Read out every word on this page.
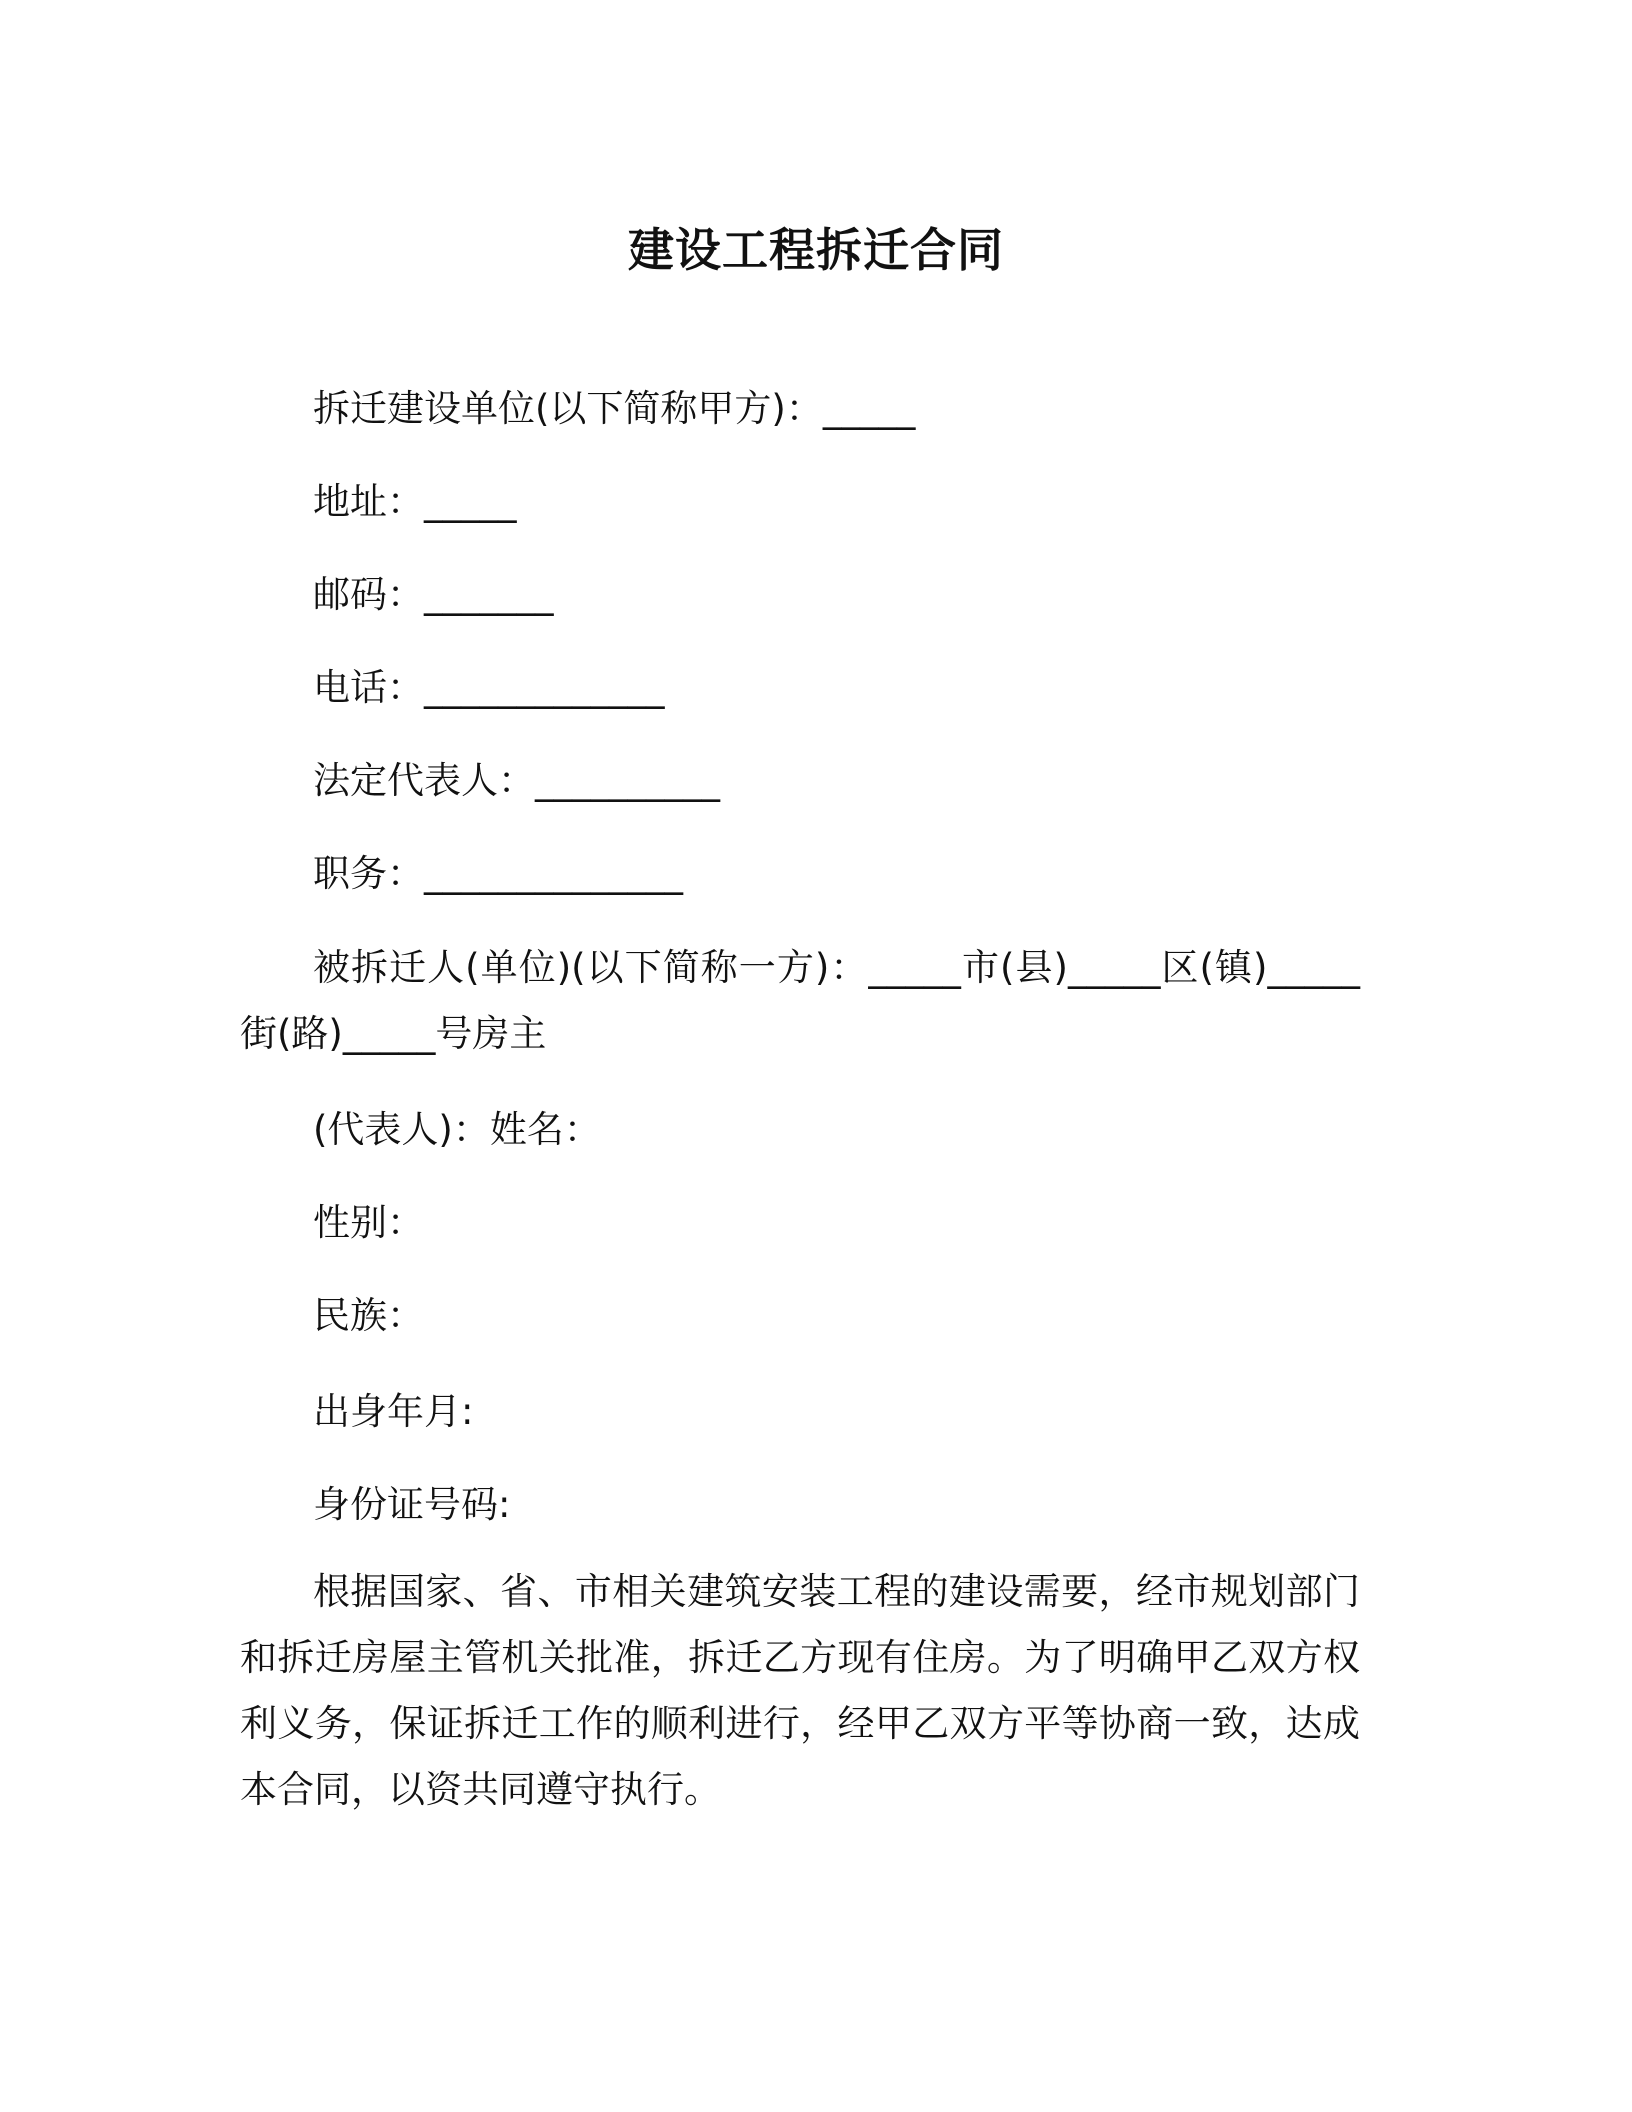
建设工程拆迁合同
拆迁建设单位(以下简称甲方)：_____
地址：_____
邮码：_______
电话：_____________
法定代表人：__________
职务：______________
被拆迁人(单位)(以下简称一方)：_____市(县)_____区(镇)_____街(路)_____号房主
(代表人)：姓名：
性别：
民族：
出身年月:
身份证号码:
根据国家、省、市相关建筑安装工程的建设需要，经市规划部门和拆迁房屋主管机关批准，拆迁乙方现有住房。为了明确甲乙双方权利义务，保证拆迁工作的顺利进行，经甲乙双方平等协商一致，达成本合同，以资共同遵守执行。
